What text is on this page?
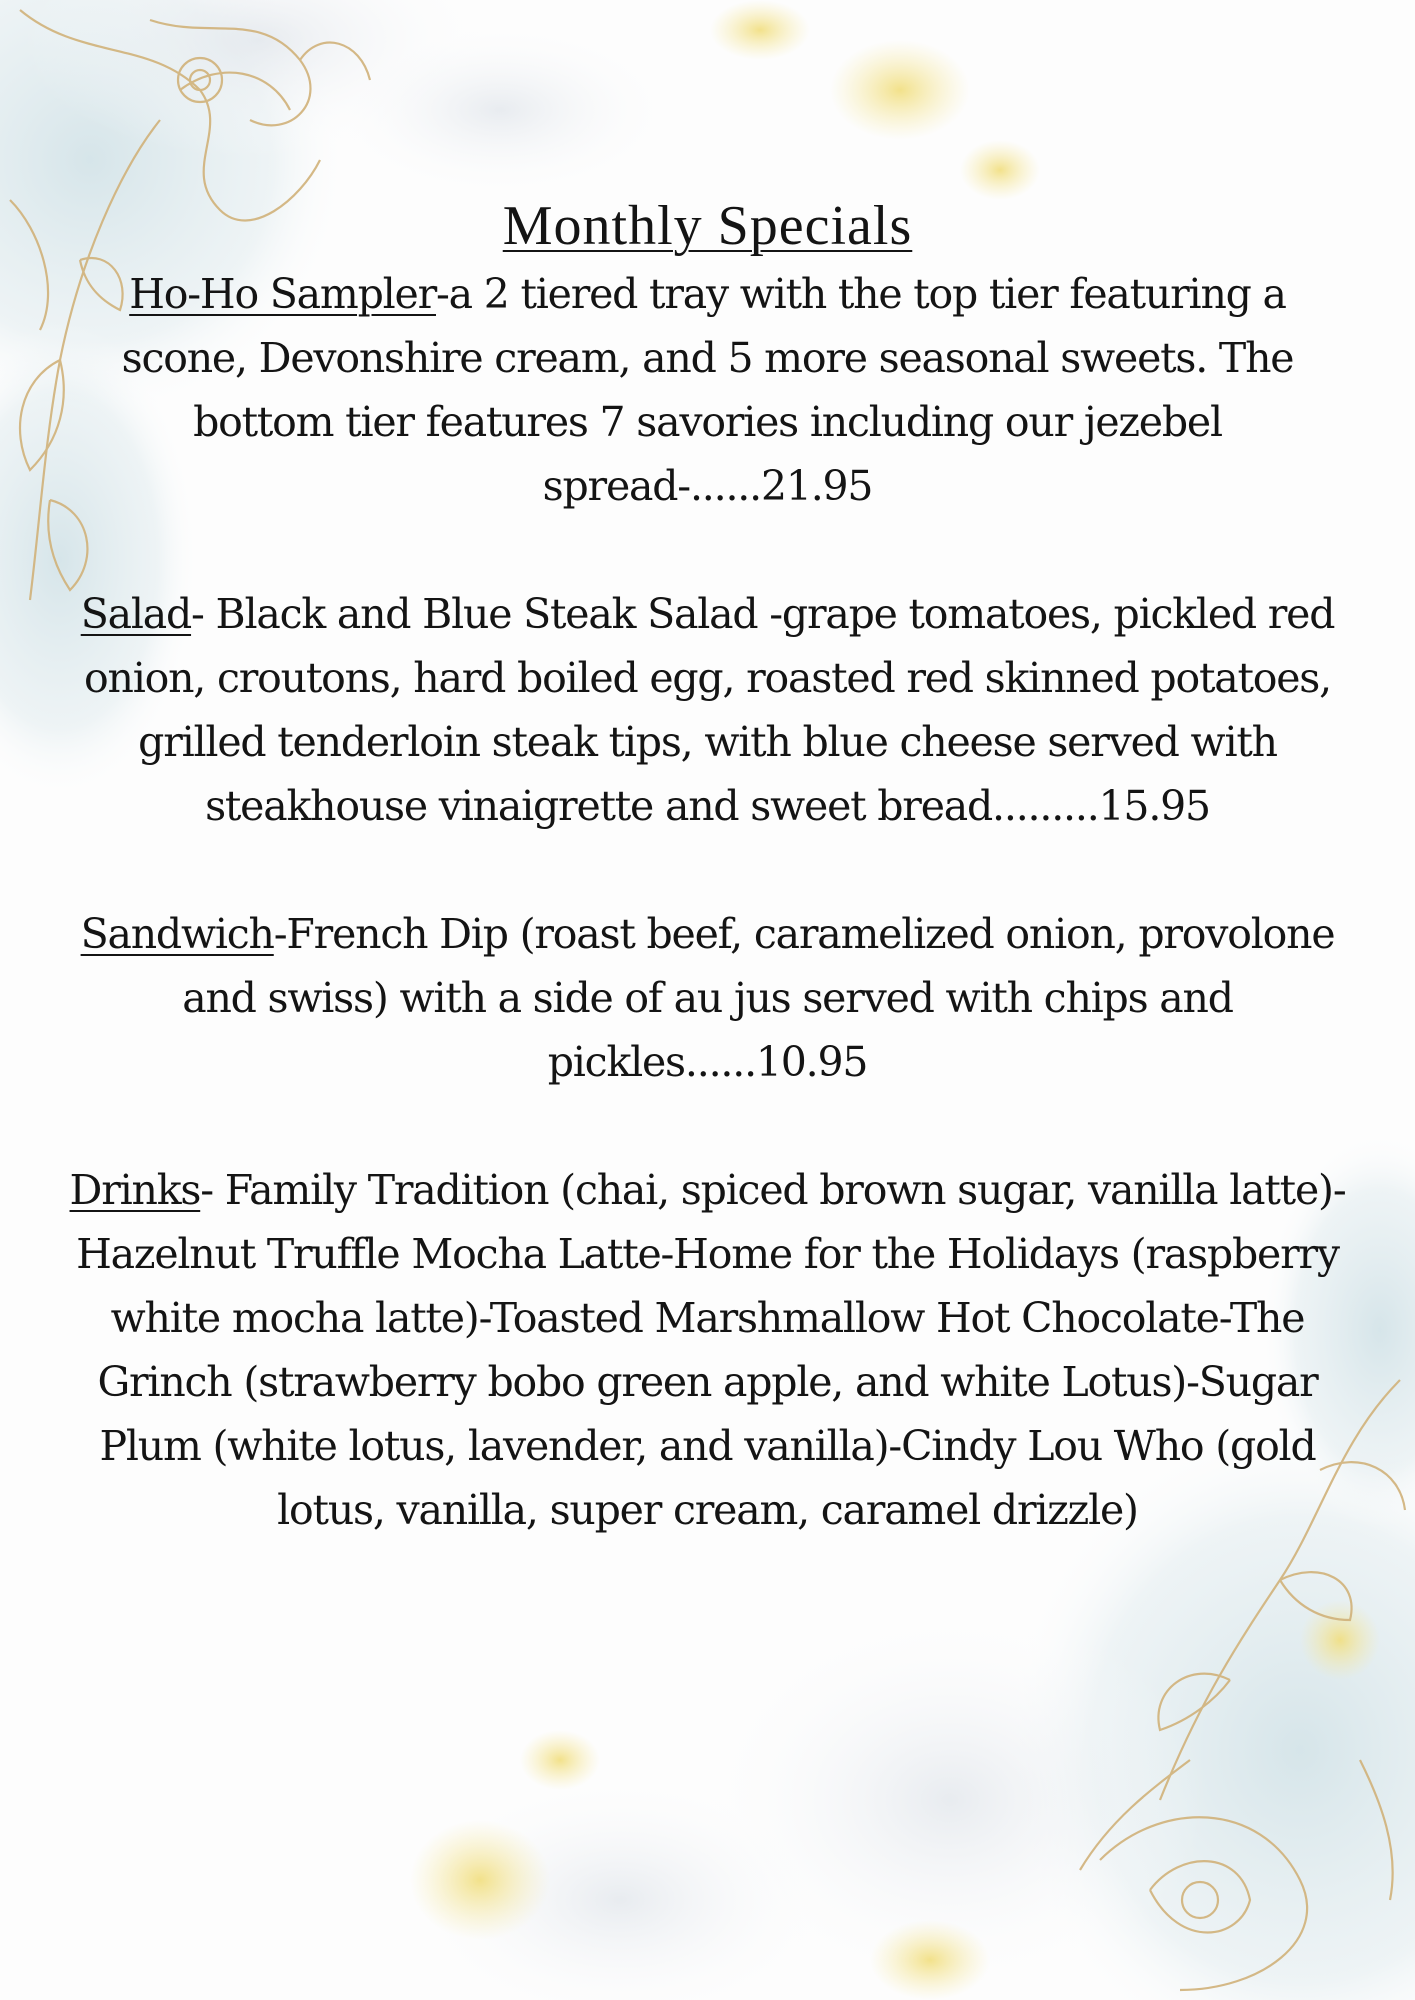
Monthly Specials

Ho-Ho Sampler-a 2 tiered tray with the top tier featuring a scone, Devonshire cream, and 5 more seasonal sweets. The bottom tier features 7 savories including our jezebel spread-......21.95

Salad- Black and Blue Steak Salad -grape tomatoes, pickled red onion, croutons, hard boiled egg, roasted red skinned potatoes, grilled tenderloin steak tips, with blue cheese served with steakhouse vinaigrette and sweet bread.........15.95

Sandwich-French Dip (roast beef, caramelized onion, provolone and swiss) with a side of au jus served with chips and pickles......10.95

Drinks- Family Tradition (chai, spiced brown sugar, vanilla latte)-Hazelnut Truffle Mocha Latte-Home for the Holidays (raspberry white mocha latte)-Toasted Marshmallow Hot Chocolate-The Grinch (strawberry bobo green apple, and white Lotus)-Sugar Plum (white lotus, lavender, and vanilla)-Cindy Lou Who (gold lotus, vanilla, super cream, caramel drizzle)
